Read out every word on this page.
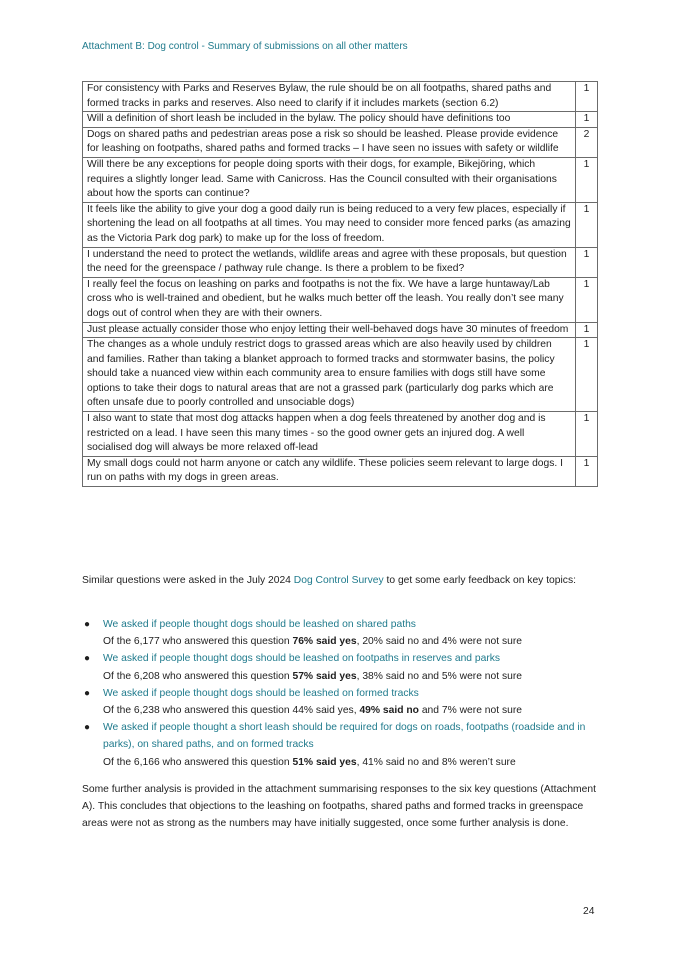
Attachment B: Dog control - Summary of submissions on all other matters
For consistency with Parks and Reserves Bylaw, the rule should be on all footpaths, shared paths and formed tracks in parks and reserves. Also need to clarify if it includes markets (section 6.2)	1
Will a definition of short leash be included in the bylaw. The policy should have definitions too	1
Dogs on shared paths and pedestrian areas pose a risk so should be leashed. Please provide evidence for leashing on footpaths, shared paths and formed tracks – I have seen no issues with safety or wildlife	2
Will there be any exceptions for people doing sports with their dogs, for example, Bikejöring, which requires a slightly longer lead. Same with Canicross. Has the Council consulted with their organisations about how the sports can continue?	1
It feels like the ability to give your dog a good daily run is being reduced to a very few places, especially if shortening the lead on all footpaths at all times. You may need to consider more fenced parks (as amazing as the Victoria Park dog park) to make up for the loss of freedom.	1
I understand the need to protect the wetlands, wildlife areas and agree with these proposals, but question the need for the greenspace / pathway rule change. Is there a problem to be fixed?	1
I really feel the focus on leashing on parks and footpaths is not the fix. We have a large huntaway/Lab cross who is well-trained and obedient, but he walks much better off the leash. You really don’t see many dogs out of control when they are with their owners.	1
Just please actually consider those who enjoy letting their well-behaved dogs have 30 minutes of freedom	1
The changes as a whole unduly restrict dogs to grassed areas which are also heavily used by children and families. Rather than taking a blanket approach to formed tracks and stormwater basins, the policy should take a nuanced view within each community area to ensure families with dogs still have some options to take their dogs to natural areas that are not a grassed park (particularly dog parks which are often unsafe due to poorly controlled and unsociable dogs)	1
I also want to state that most dog attacks happen when a dog feels threatened by another dog and is restricted on a lead. I have seen this many times - so the good owner gets an injured dog. A well socialised dog will always be more relaxed off-lead	1
My small dogs could not harm anyone or catch any wildlife. These policies seem relevant to large dogs. I run on paths with my dogs in green areas.	1
Similar questions were asked in the July 2024 Dog Control Survey to get some early feedback on key topics:
● We asked if people thought dogs should be leashed on shared paths
Of the 6,177 who answered this question 76% said yes, 20% said no and 4% were not sure
● We asked if people thought dogs should be leashed on footpaths in reserves and parks
Of the 6,208 who answered this question 57% said yes, 38% said no and 5% were not sure
● We asked if people thought dogs should be leashed on formed tracks
Of the 6,238 who answered this question 44% said yes, 49% said no and 7% were not sure
● We asked if people thought a short leash should be required for dogs on roads, footpaths (roadside and in parks), on shared paths, and on formed tracks
Of the 6,166 who answered this question 51% said yes, 41% said no and 8% weren’t sure
Some further analysis is provided in the attachment summarising responses to the six key questions (Attachment A). This concludes that objections to the leashing on footpaths, shared paths and formed tracks in greenspace areas were not as strong as the numbers may have initially suggested, once some further analysis is done.
24
